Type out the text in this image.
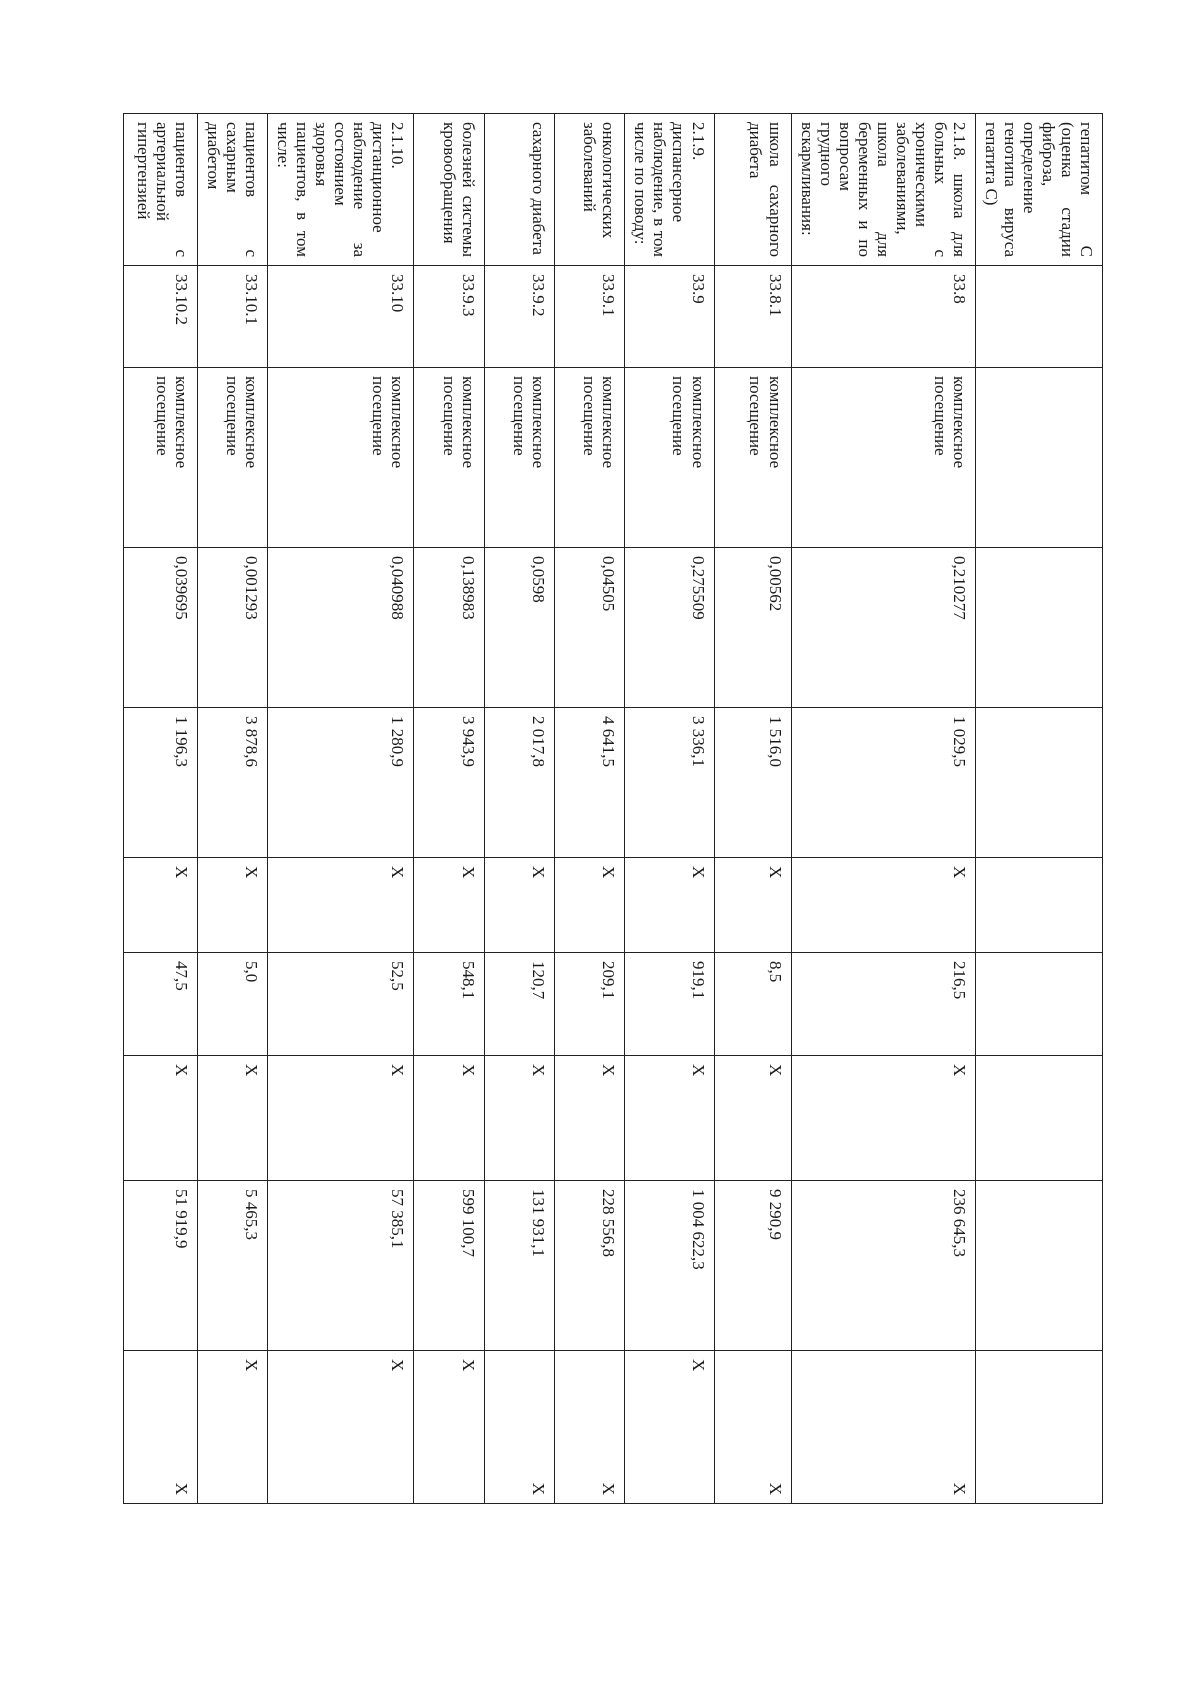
гепатитом С (оценка стадии фиброза, определение генотипа вируса гепатита С)									
2.1.8. школа для больных с хроническими заболеваниями, школа для беременных и по вопросам грудного вскармливания:	33.8	комплексное посещение	0,210277	1 029,5	X	216,5	X	236 645,3	X
школа сахарного диабета	33.8.1	комплексное посещение	0,00562	1 516,0	X	8,5	X	9 290,9	X
2.1.9. диспансерное наблюдение, в том числе по поводу:	33.9	комплексное посещение	0,275509	3 336,1	X	919,1	X	1 004 622,3	X
онкологических заболеваний	33.9.1	комплексное посещение	0,04505	4 641,5	X	209,1	X	228 556,8	X
сахарного диабета	33.9.2	комплексное посещение	0,0598	2 017,8	X	120,7	X	131 931,1	X
болезней системы кровообращения	33.9.3	комплексное посещение	0,138983	3 943,9	X	548,1	X	599 100,7	X
2.1.10. дистанционное наблюдение за состоянием здоровья пациентов, в том числе:	33.10	комплексное посещение	0,040988	1 280,9	X	52,5	X	57 385,1	X
пациентов с сахарным диабетом	33.10.1	комплексное посещение	0,001293	3 878,6	X	5,0	X	5 465,3	X
пациентов с артериальной гипертензией	33.10.2	комплексное посещение	0,039695	1 196,3	X	47,5	X	51 919,9	X
